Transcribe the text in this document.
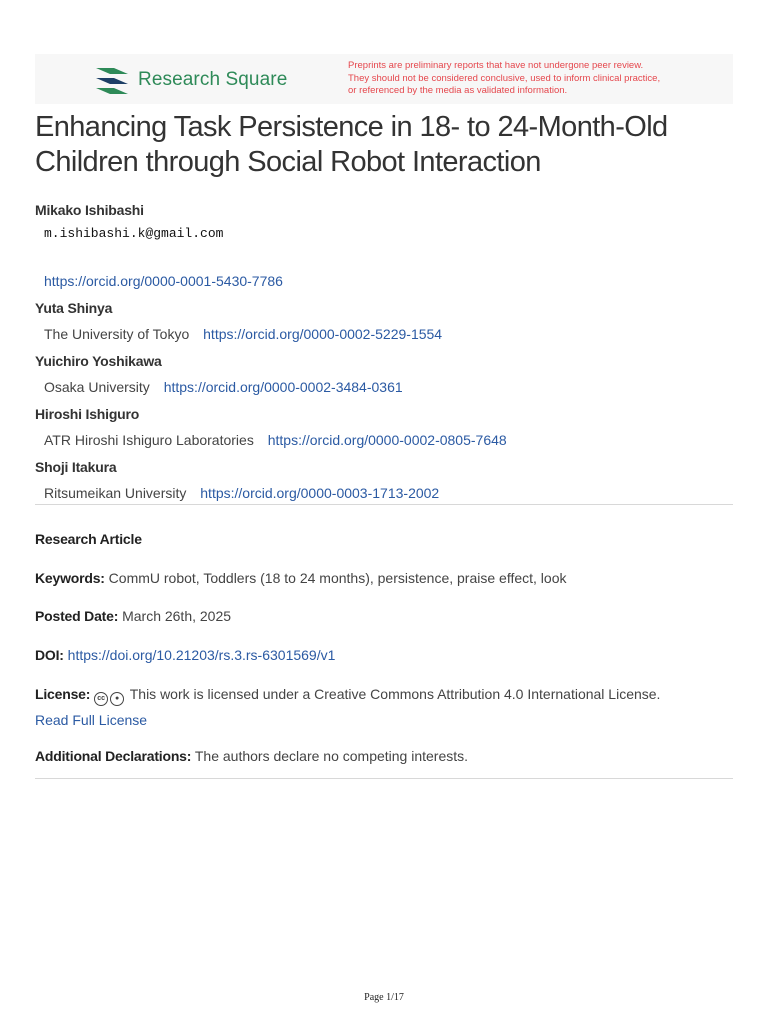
Research Square
Preprints are preliminary reports that have not undergone peer review.
They should not be considered conclusive, used to inform clinical practice,
or referenced by the media as validated information.
Enhancing Task Persistence in 18- to 24-Month-Old
Children through Social Robot Interaction
Mikako Ishibashi
m.ishibashi.k@gmail.com
https://orcid.org/0000-0001-5430-7786
Yuta Shinya
The University of Tokyo https://orcid.org/0000-0002-5229-1554
Yuichiro Yoshikawa
Osaka University https://orcid.org/0000-0002-3484-0361
Hiroshi Ishiguro
ATR Hiroshi Ishiguro Laboratories https://orcid.org/0000-0002-0805-7648
Shoji Itakura
Ritsumeikan University https://orcid.org/0000-0003-1713-2002
Research Article
Keywords: CommU robot, Toddlers (18 to 24 months), persistence, praise effect, look
Posted Date: March 26th, 2025
DOI: https://doi.org/10.21203/rs.3.rs-6301569/v1
License: cc ● This work is licensed under a Creative Commons Attribution 4.0 International License.
Read Full License
Additional Declarations: The authors declare no competing interests.
Page 1/17
